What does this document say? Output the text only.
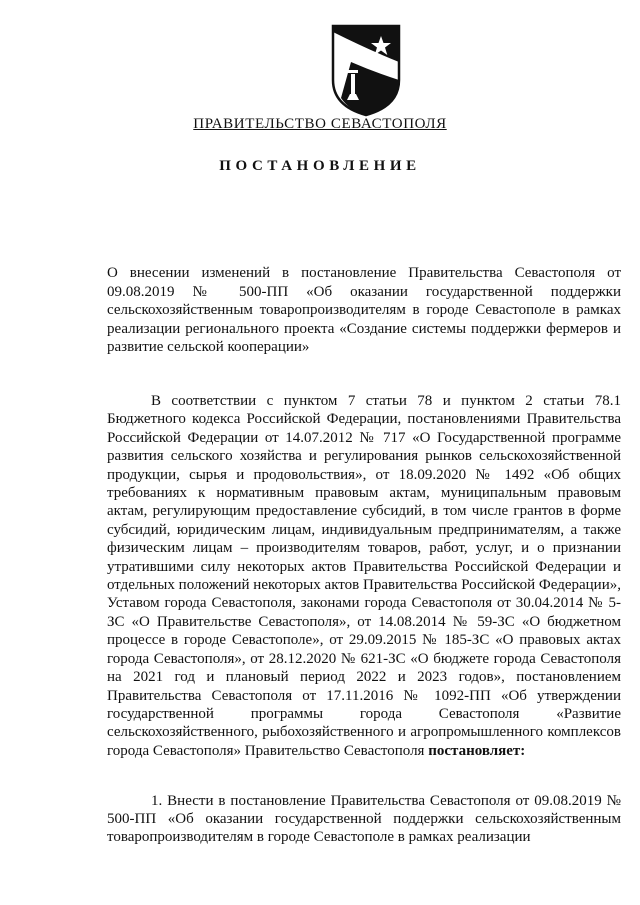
ПРАВИТЕЛЬСТВО СЕВАСТОПОЛЯ
ПОСТАНОВЛЕНИЕ
О внесении изменений в постановление Правительства Севастополя от 09.08.2019 № 500-ПП «Об оказании государственной поддержки сельскохозяйственным товаропроизводителям в городе Севастополе в рамках реализации регионального проекта «Создание системы поддержки фермеров и развитие сельской кооперации»
В соответствии с пунктом 7 статьи 78 и пунктом 2 статьи 78.1 Бюджетного кодекса Российской Федерации, постановлениями Правительства Российской Федерации от 14.07.2012 № 717 «О Государственной программе развития сельского хозяйства и регулирования рынков сельскохозяйственной продукции, сырья и продовольствия», от 18.09.2020 № 1492 «Об общих требованиях к нормативным правовым актам, муниципальным правовым актам, регулирующим предоставление субсидий, в том числе грантов в форме субсидий, юридическим лицам, индивидуальным предпринимателям, а также физическим лицам – производителям товаров, работ, услуг, и о признании утратившими силу некоторых актов Правительства Российской Федерации и отдельных положений некоторых актов Правительства Российской Федерации», Уставом города Севастополя, законами города Севастополя от 30.04.2014 № 5-ЗС «О Правительстве Севастополя», от 14.08.2014 № 59-ЗС «О бюджетном процессе в городе Севастополе», от 29.09.2015 № 185-ЗС «О правовых актах города Севастополя», от 28.12.2020 № 621-ЗС «О бюджете города Севастополя на 2021 год и плановый период 2022 и 2023 годов», постановлением Правительства Севастополя от 17.11.2016 № 1092-ПП «Об утверждении государственной программы города Севастополя «Развитие сельскохозяйственного, рыбохозяйственного и агропромышленного комплексов города Севастополя» Правительство Севастополя постановляет:
1. Внести в постановление Правительства Севастополя от 09.08.2019 № 500-ПП «Об оказании государственной поддержки сельскохозяйственным товаропроизводителям в городе Севастополе в рамках реализации
